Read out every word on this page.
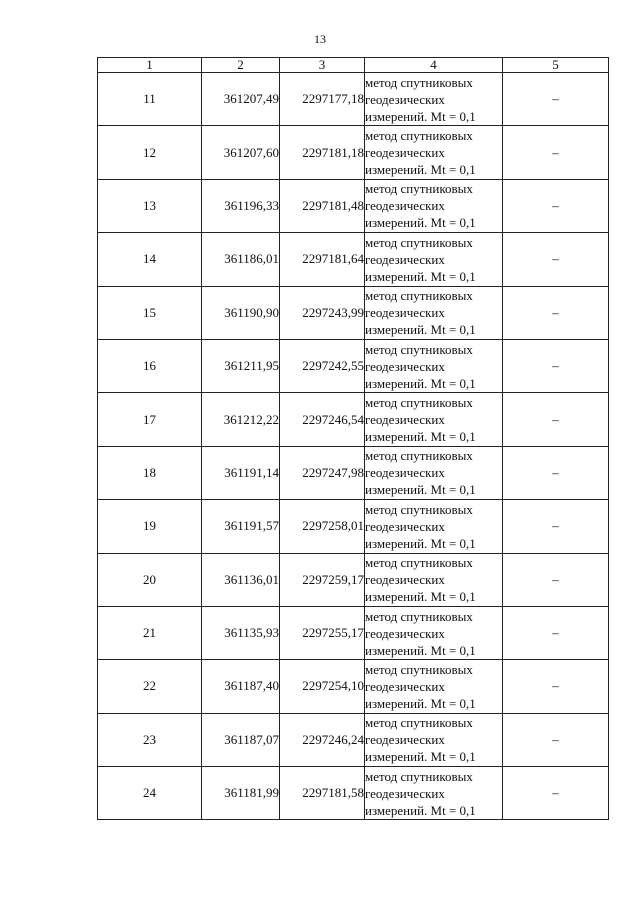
13
1	2	3	4	5
11	361207,49	2297177,18	метод спутниковых
геодезических
измерений. Mt = 0,1	–
12	361207,60	2297181,18	метод спутниковых
геодезических
измерений. Mt = 0,1	–
13	361196,33	2297181,48	метод спутниковых
геодезических
измерений. Mt = 0,1	–
14	361186,01	2297181,64	метод спутниковых
геодезических
измерений. Mt = 0,1	–
15	361190,90	2297243,99	метод спутниковых
геодезических
измерений. Mt = 0,1	–
16	361211,95	2297242,55	метод спутниковых
геодезических
измерений. Mt = 0,1	–
17	361212,22	2297246,54	метод спутниковых
геодезических
измерений. Mt = 0,1	–
18	361191,14	2297247,98	метод спутниковых
геодезических
измерений. Mt = 0,1	–
19	361191,57	2297258,01	метод спутниковых
геодезических
измерений. Mt = 0,1	–
20	361136,01	2297259,17	метод спутниковых
геодезических
измерений. Mt = 0,1	–
21	361135,93	2297255,17	метод спутниковых
геодезических
измерений. Mt = 0,1	–
22	361187,40	2297254,10	метод спутниковых
геодезических
измерений. Mt = 0,1	–
23	361187,07	2297246,24	метод спутниковых
геодезических
измерений. Mt = 0,1	–
24	361181,99	2297181,58	метод спутниковых
геодезических
измерений. Mt = 0,1	–
